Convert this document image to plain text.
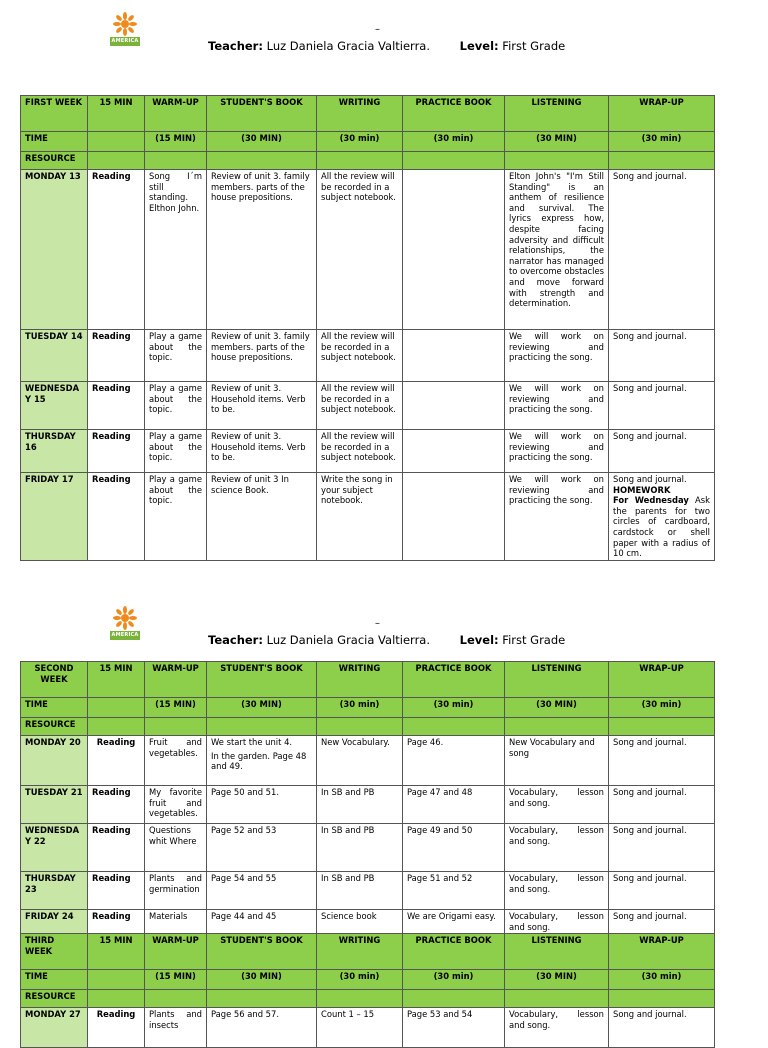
AMERICA
–
Teacher: Luz Daniela Gracia Valtierra.	Level: First Grade
FIRST WEEK	15 MIN	WARM-UP	STUDENT'S BOOK	WRITING	PRACTICE BOOK	LISTENING	WRAP-UP
TIME		(15 MIN)	(30 MIN)	(30 min)	(30 min)	(30 MIN)	(30 min)
RESOURCE							
MONDAY 13	Reading	Song I´m still standing. Elthon John.	Review of unit 3. family members. parts of the house prepositions.	All the review will be recorded in a subject notebook.		Elton John's "I'm Still Standing" is an anthem of resilience and survival. The lyrics express how, despite facing adversity and difficult relationships, the narrator has managed to overcome obstacles and move forward with strength and determination.	Song and journal.
TUESDAY 14	Reading	Play a game about the topic.	Review of unit 3. family members. parts of the house prepositions.	All the review will be recorded in a subject notebook.		We will work on reviewing and practicing the song.	Song and journal.
WEDNESDAY 15	Reading	Play a game about the topic.	Review of unit 3. Household items. Verb to be.	All the review will be recorded in a subject notebook.		We will work on reviewing and practicing the song.	Song and journal.
THURSDAY 16	Reading	Play a game about the topic.	Review of unit 3. Household items. Verb to be.	All the review will be recorded in a subject notebook.		We will work on reviewing and practicing the song.	Song and journal.
FRIDAY 17	Reading	Play a game about the topic.	Review of unit 3 In science Book.	Write the song in your subject notebook.		We will work on reviewing and practicing the song.	Song and journal.
HOMEWORK
For Wednesday Ask the parents for two circles of cardboard, cardstock or shell paper with a radius of 10 cm.
AMERICA
–
Teacher: Luz Daniela Gracia Valtierra.	Level: First Grade
SECOND WEEK	15 MIN	WARM-UP	STUDENT'S BOOK	WRITING	PRACTICE BOOK	LISTENING	WRAP-UP
TIME		(15 MIN)	(30 MIN)	(30 min)	(30 min)	(30 MIN)	(30 min)
RESOURCE							
MONDAY 20	Reading	Fruit and vegetables.	We start the unit 4.
In the garden. Page 48 and 49.	New Vocabulary.	Page 46.	New Vocabulary and song	Song and journal.
TUESDAY 21	Reading	My favorite fruit and vegetables.	Page 50 and 51.	In SB and PB	Page 47 and 48	Vocabulary, lesson and song.	Song and journal.
WEDNESDAY 22	Reading	Questions whit Where	Page 52 and 53	In SB and PB	Page 49 and 50	Vocabulary, lesson and song.	Song and journal.
THURSDAY 23	Reading	Plants and germination	Page 54 and 55	In SB and PB	Page 51 and 52	Vocabulary, lesson and song.	Song and journal.
FRIDAY 24	Reading	Materials	Page 44 and 45	Science book	We are Origami easy.	Vocabulary, lesson and song.	Song and journal.
THIRD WEEK	15 MIN	WARM-UP	STUDENT'S BOOK	WRITING	PRACTICE BOOK	LISTENING	WRAP-UP
TIME		(15 MIN)	(30 MIN)	(30 min)	(30 min)	(30 MIN)	(30 min)
RESOURCE							
MONDAY 27	Reading	Plants and insects	Page 56 and 57.	Count 1 – 15	Page 53 and 54	Vocabulary, lesson and song.	Song and journal.
